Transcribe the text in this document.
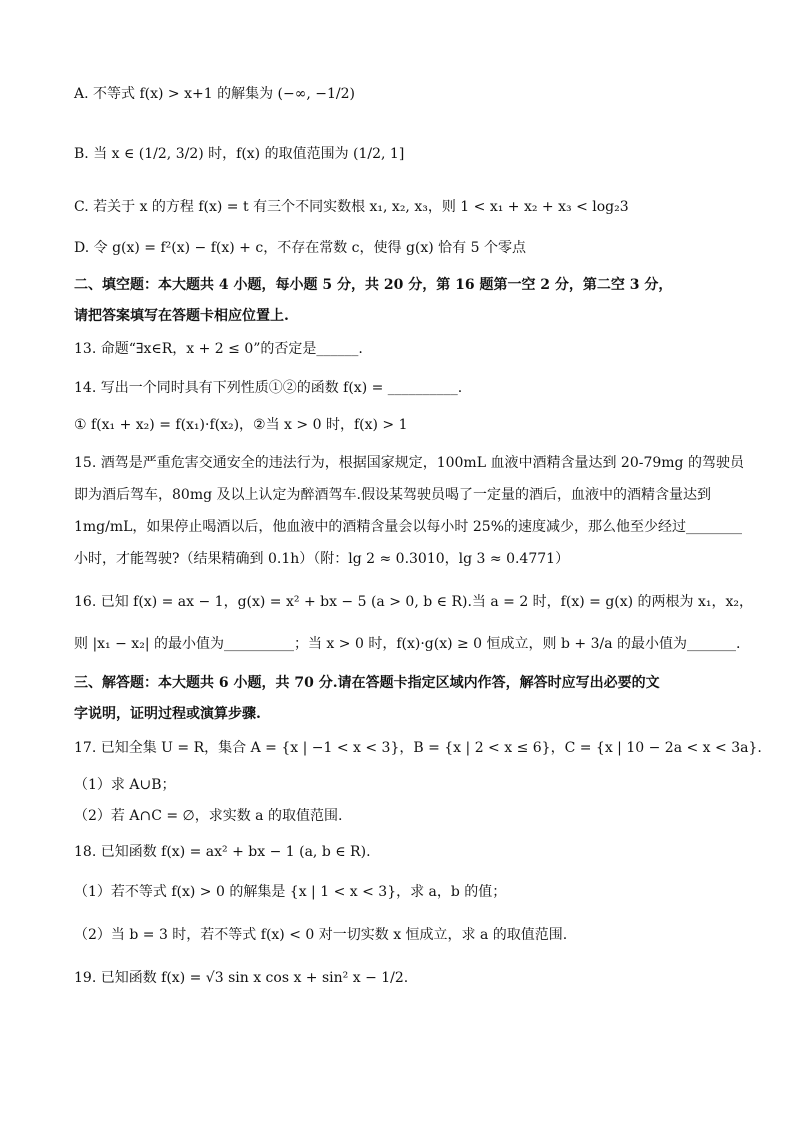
A. 不等式 f(x) > x+1 的解集为 (−∞, −1/2)
B. 当 x ∈ (1/2, 3/2) 时，f(x) 的取值范围为 (1/2, 1]
C. 若关于 x 的方程 f(x) = t 有三个不同实数根 x₁, x₂, x₃，则 1 < x₁ + x₂ + x₃ < log₂3
D. 令 g(x) = f²(x) − f(x) + c，不存在常数 c，使得 g(x) 恰有 5 个零点
二、填空题：本大题共 4 小题，每小题 5 分，共 20 分，第 16 题第一空 2 分，第二空 3 分，
请把答案填写在答题卡相应位置上.
13. 命题“∃x∈R，x + 2 ≤ 0”的否定是______.
14. 写出一个同时具有下列性质①②的函数 f(x) = __________.
① f(x₁ + x₂) = f(x₁)·f(x₂)，②当 x > 0 时，f(x) > 1
15. 酒驾是严重危害交通安全的违法行为，根据国家规定，100mL 血液中酒精含量达到 20-79mg 的驾驶员
即为酒后驾车，80mg 及以上认定为醉酒驾车.假设某驾驶员喝了一定量的酒后，血液中的酒精含量达到
1mg/mL，如果停止喝酒以后，他血液中的酒精含量会以每小时 25%的速度减少，那么他至少经过________
小时，才能驾驶?（结果精确到 0.1h）（附：lg 2 ≈ 0.3010，lg 3 ≈ 0.4771）
16. 已知 f(x) = ax − 1，g(x) = x² + bx − 5 (a > 0, b ∈ R).当 a = 2 时，f(x) = g(x) 的两根为 x₁，x₂，
则 |x₁ − x₂| 的最小值为__________；当 x > 0 时，f(x)·g(x) ≥ 0 恒成立，则 b + 3/a 的最小值为_______.
三、解答题：本大题共 6 小题，共 70 分.请在答题卡指定区域内作答，解答时应写出必要的文
字说明，证明过程或演算步骤.
17. 已知全集 U = R，集合 A = {x | −1 < x < 3}，B = {x | 2 < x ≤ 6}，C = {x | 10 − 2a < x < 3a}.
（1）求 A∪B；
（2）若 A∩C = ∅，求实数 a 的取值范围.
18. 已知函数 f(x) = ax² + bx − 1 (a, b ∈ R).
（1）若不等式 f(x) > 0 的解集是 {x | 1 < x < 3}，求 a，b 的值；
（2）当 b = 3 时，若不等式 f(x) < 0 对一切实数 x 恒成立，求 a 的取值范围.
19. 已知函数 f(x) = √3 sin x cos x + sin² x − 1/2.
